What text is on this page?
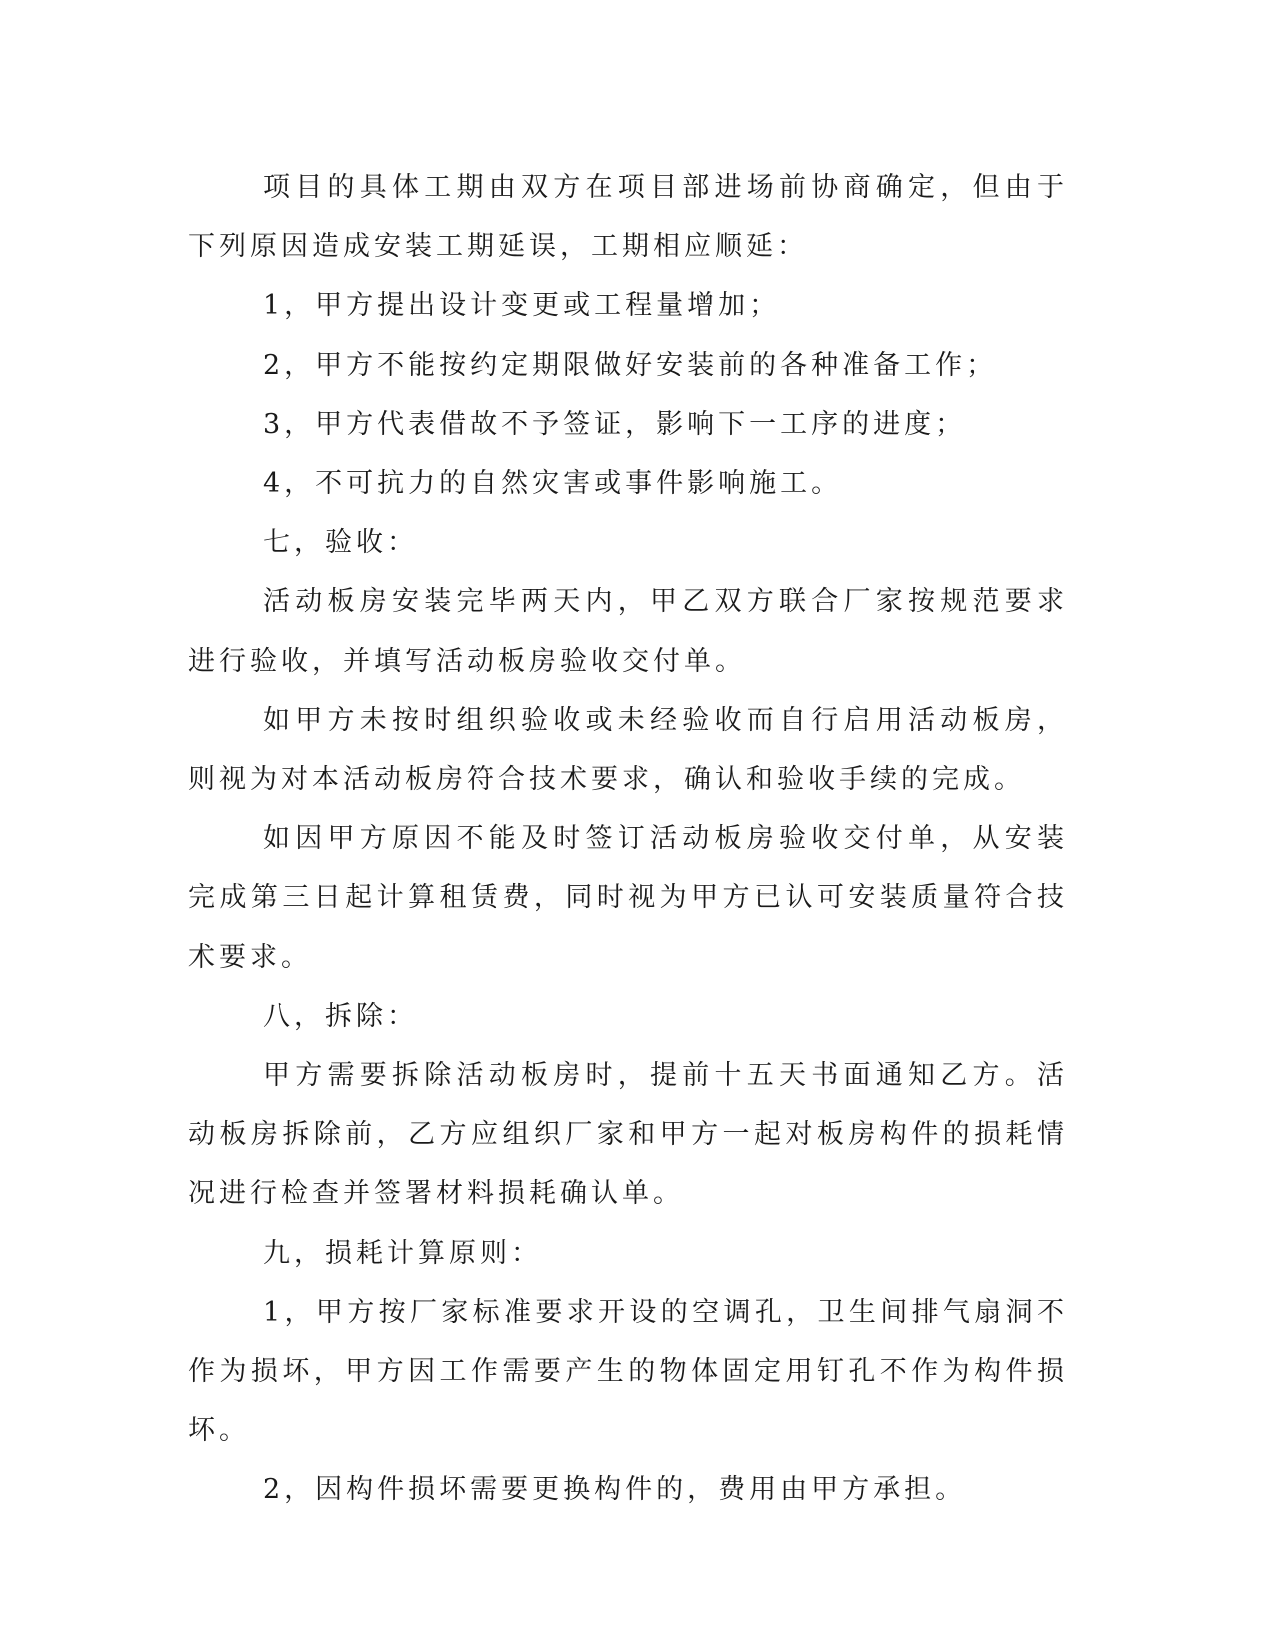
项目的具体工期由双方在项目部进场前协商确定，但由于下列原因造成安装工期延误，工期相应顺延：

1，甲方提出设计变更或工程量增加；

2，甲方不能按约定期限做好安装前的各种准备工作；

3，甲方代表借故不予签证，影响下一工序的进度；

4，不可抗力的自然灾害或事件影响施工。

七，验收：

活动板房安装完毕两天内，甲乙双方联合厂家按规范要求进行验收，并填写活动板房验收交付单。

如甲方未按时组织验收或未经验收而自行启用活动板房，则视为对本活动板房符合技术要求，确认和验收手续的完成。

如因甲方原因不能及时签订活动板房验收交付单，从安装完成第三日起计算租赁费，同时视为甲方已认可安装质量符合技术要求。

八，拆除：

甲方需要拆除活动板房时，提前十五天书面通知乙方。活动板房拆除前，乙方应组织厂家和甲方一起对板房构件的损耗情况进行检查并签署材料损耗确认单。

九，损耗计算原则：

1，甲方按厂家标准要求开设的空调孔，卫生间排气扇洞不作为损坏，甲方因工作需要产生的物体固定用钉孔不作为构件损坏。

2，因构件损坏需要更换构件的，费用由甲方承担。
